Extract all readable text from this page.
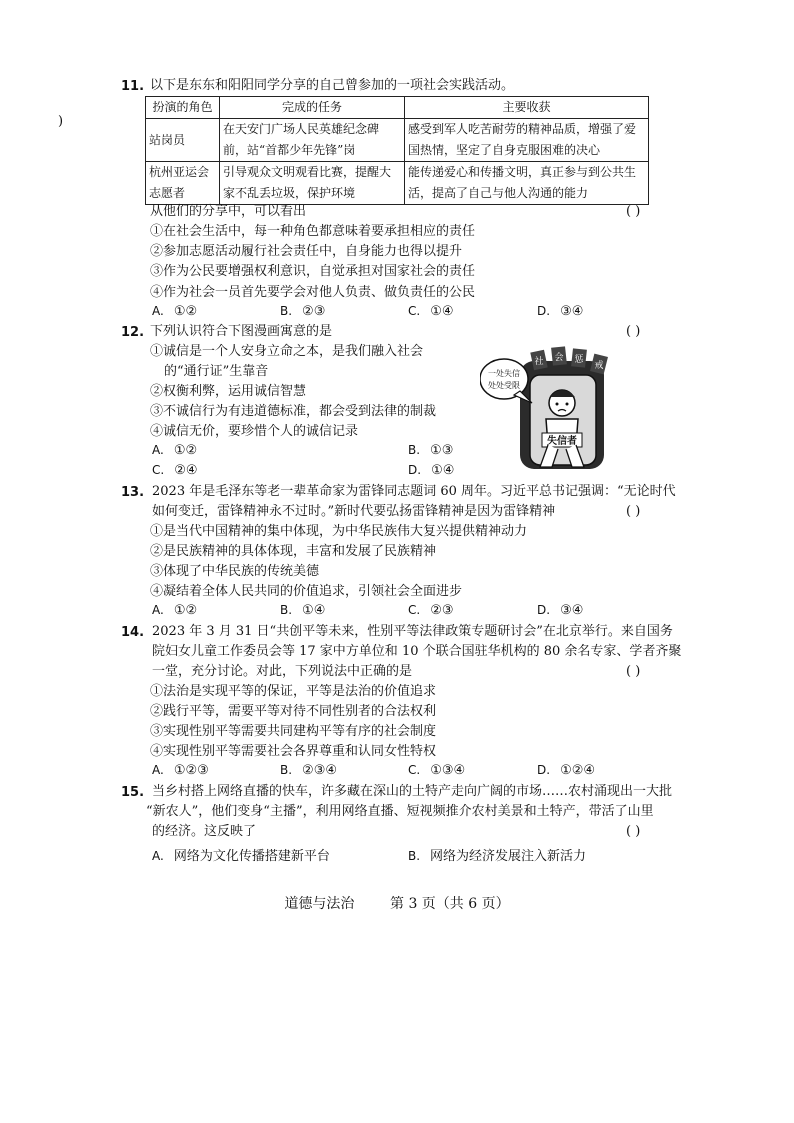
)
11. 以下是东东和阳阳同学分享的自己曾参加的一项社会实践活动。
扮演的角色	完成的任务	主要收获
站岗员	在天安门广场人民英雄纪念碑前，站“首都少年先锋”岗	感受到军人吃苦耐劳的精神品质，增强了爱国热情，坚定了自身克服困难的决心
杭州亚运会志愿者	引导观众文明观看比赛，提醒大家不乱丢垃圾，保护环境	能传递爱心和传播文明，真正参与到公共生活，提高了自己与他人沟通的能力
从他们的分享中，可以看出	( )
①在社会生活中，每一种角色都意味着要承担相应的责任
②参加志愿活动履行社会责任中，自身能力也得以提升
③作为公民要增强权利意识，自觉承担对国家社会的责任
④作为社会一员首先要学会对他人负责、做负责任的公民
A. ①②	B. ②③	C. ①④	D. ③④
12. 下列认识符合下图漫画寓意的是	( )
①诚信是一个人安身立命之本，是我们融入社会
的“通行证”生靠音
②权衡利弊，运用诚信智慧
③不诚信行为有违道德标准，都会受到法律的制裁
④诚信无价，要珍惜个人的诚信记录
A. ①②	B. ①③
C. ②④	D. ①④
社 会 惩
戒
失信者
一处失信
处处受限
13. 2023 年是毛泽东等老一辈革命家为雷锋同志题词 60 周年。习近平总书记强调：“无论时代
如何变迁，雷锋精神永不过时。”新时代要弘扬雷锋精神是因为雷锋精神	( )
①是当代中国精神的集中体现，为中华民族伟大复兴提供精神动力
②是民族精神的具体体现，丰富和发展了民族精神
③体现了中华民族的传统美德
④凝结着全体人民共同的价值追求，引领社会全面进步
A. ①②	B. ①④	C. ②③	D. ③④
14. 2023 年 3 月 31 日“共创平等未来，性别平等法律政策专题研讨会”在北京举行。来自国务
院妇女儿童工作委员会等 17 家中方单位和 10 个联合国驻华机构的 80 余名专家、学者齐聚
一堂，充分讨论。对此，下列说法中正确的是	( )
①法治是实现平等的保证，平等是法治的价值追求
②践行平等，需要平等对待不同性别者的合法权利
③实现性别平等需要共同建构平等有序的社会制度
④实现性别平等需要社会各界尊重和认同女性特权
A. ①②③	B. ②③④	C. ①③④	D. ①②④
15. 当乡村搭上网络直播的快车，许多藏在深山的土特产走向广阔的市场……农村涌现出一大批
“新农人”，他们变身“主播”，利用网络直播、短视频推介农村美景和土特产，带活了山里
的经济。这反映了	( )
A. 网络为文化传播搭建新平台	B. 网络为经济发展注入新活力
道德与法治        第 3 页（共 6 页）
